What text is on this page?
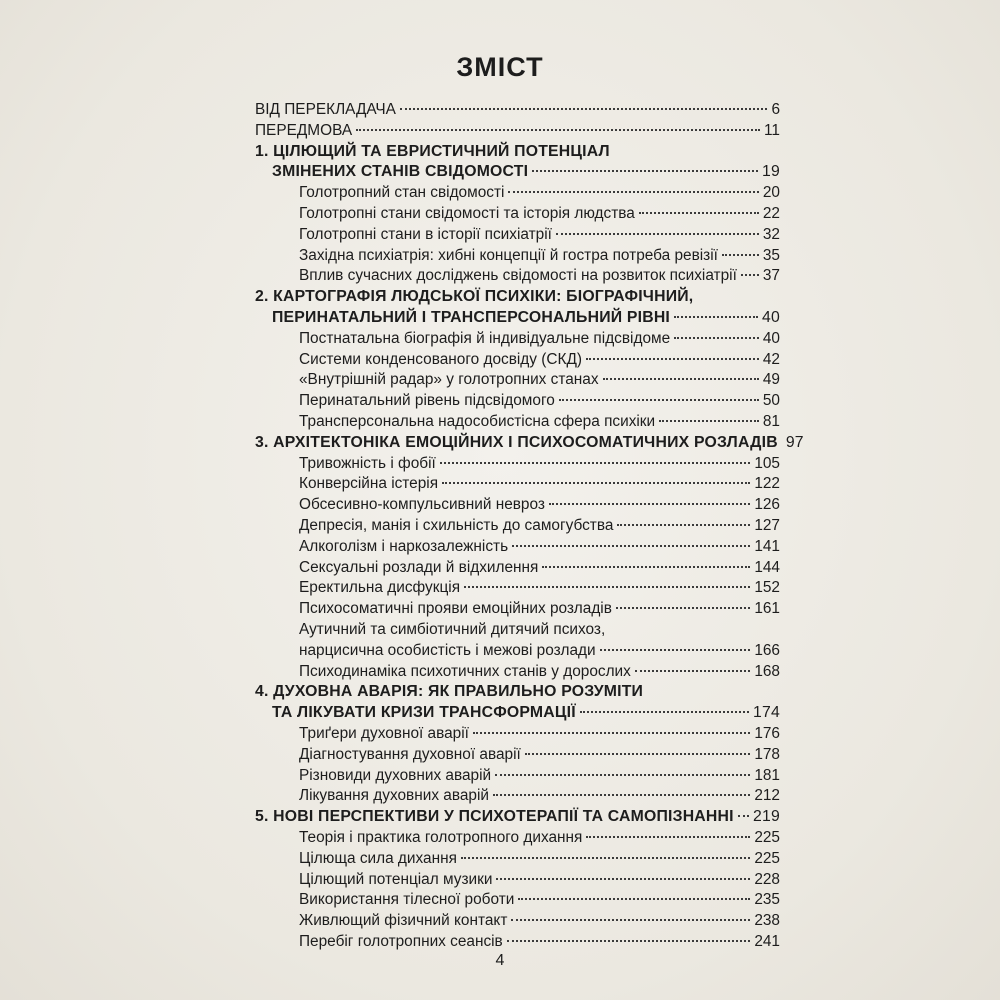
ЗМІСТ
ВІД ПЕРЕКЛАДАЧА	6
ПЕРЕДМОВА	11
1. ЦІЛЮЩИЙ ТА ЕВРИСТИЧНИЙ ПОТЕНЦІАЛ
ЗМІНЕНИХ СТАНІВ СВІДОМОСТІ	19
Голотропний стан свідомості	20
Голотропні стани свідомості та історія людства	22
Голотропні стани в історії психіатрії	32
Західна психіатрія: хибні концепції й гостра потреба ревізії	35
Вплив сучасних досліджень свідомості на розвиток психіатрії 37
2. КАРТОГРАФІЯ ЛЮДСЬКОЇ ПСИХІКИ: БІОГРАФІЧНИЙ,
ПЕРИНАТАЛЬНИЙ І ТРАНСПЕРСОНАЛЬНИЙ РІВНІ	40
Постнатальна біографія й індивідуальне підсвідоме	40
Системи конденсованого досвіду (СКД)	42
«Внутрішній радар» у голотропних станах	49
Перинатальний рівень підсвідомого	50
Трансперсональна надособистісна сфера психіки	81
3. АРХІТЕКТОНІКА ЕМОЦІЙНИХ І ПСИХОСОМАТИЧНИХ РОЗЛАДІВ 97
Тривожність і фобії	105
Конверсійна істерія	122
Обсесивно-компульсивний невроз	126
Депресія, манія і схильність до самогубства	127
Алкоголізм і наркозалежність	141
Сексуальні розлади й відхилення	144
Еректильна дисфукція	152
Психосоматичні прояви емоційних розладів	161
Аутичний та симбіотичний дитячий психоз,
нарцисична особистість і межові розлади	166
Психодинаміка психотичних станів у дорослих	168
4. ДУХОВНА АВАРІЯ: ЯК ПРАВИЛЬНО РОЗУМІТИ
ТА ЛІКУВАТИ КРИЗИ ТРАНСФОРМАЦІЇ	174
Триґери духовної аварії	176
Діагностування духовної аварії	178
Різновиди духовних аварій	181
Лікування духовних аварій	212
5. НОВІ ПЕРСПЕКТИВИ У ПСИХОТЕРАПІЇ ТА САМОПІЗНАННІ 219
Теорія і практика голотропного дихання	225
Цілюща сила дихання	225
Цілющий потенціал музики	228
Використання тілесної роботи	235
Живлющий фізичний контакт	238
Перебіг голотропних сеансів	241
4
